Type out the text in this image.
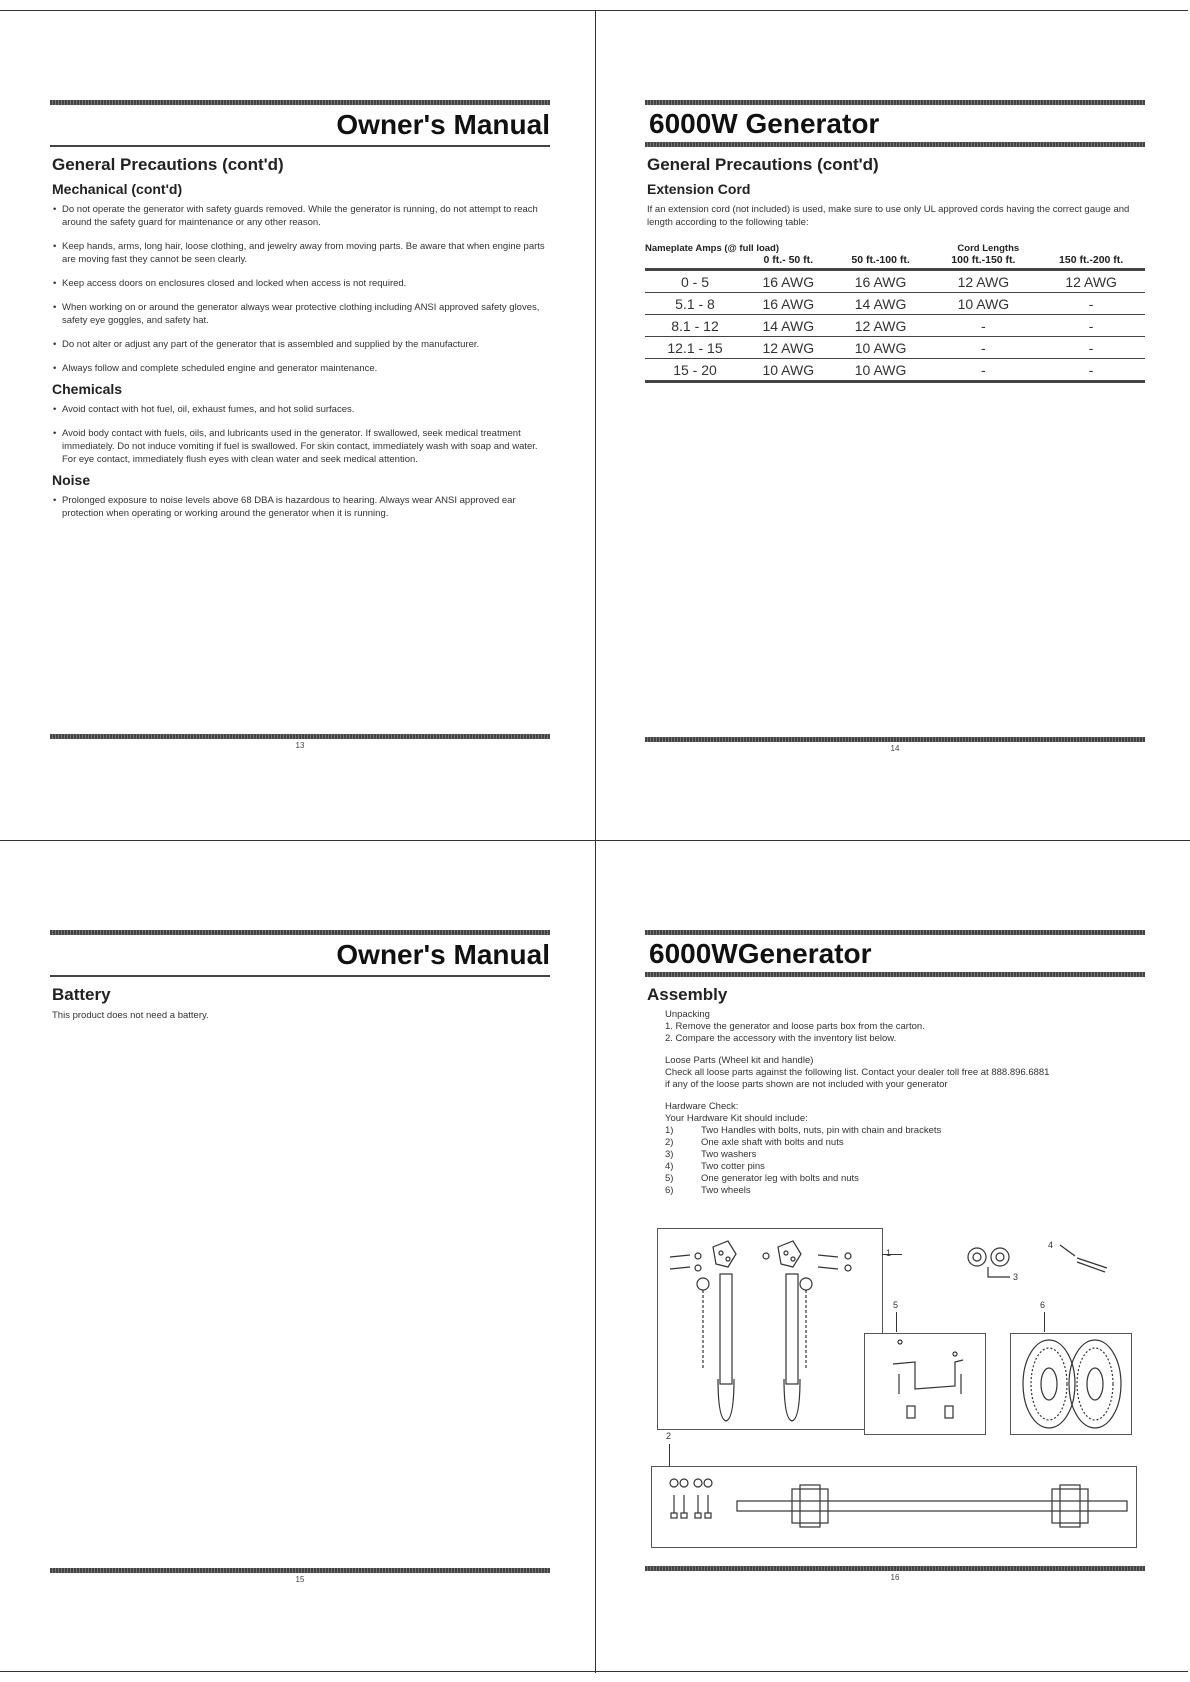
Owner's Manual
General Precautions (cont'd)
Mechanical (cont'd)
• Do not operate the generator with safety guards removed. While the generator is running, do not attempt to reach around the safety guard for maintenance or any other reason.
• Keep hands, arms, long hair, loose clothing, and jewelry away from moving parts. Be aware that when engine parts are moving fast they cannot be seen clearly.
• Keep access doors on enclosures closed and locked when access is not required.
• When working on or around the generator always wear protective clothing including ANSI approved safety gloves, safety eye goggles, and safety hat.
• Do not alter or adjust any part of the generator that is assembled and supplied by the manufacturer.
• Always follow and complete scheduled engine and generator maintenance.
Chemicals
• Avoid contact with hot fuel, oil, exhaust fumes, and hot solid surfaces.
• Avoid body contact with fuels, oils, and lubricants used in the generator. If swallowed, seek medical treatment immediately. Do not induce vomiting if fuel is swallowed. For skin contact, immediately wash with soap and water. For eye contact, immediately flush eyes with clean water and seek medical attention.
Noise
• Prolonged exposure to noise levels above 68 DBA is hazardous to hearing. Always wear ANSI approved ear protection when operating or working around the generator when it is running.
13
6000W Generator
General Precautions (cont'd)
Extension Cord
If an extension cord (not included) is used, make sure to use only UL approved cords having the correct gauge and length according to the following table:
Nameplate Amps (@ full load)		Cord Lengths		
	0 ft.- 50 ft.	50 ft.-100 ft.	100 ft.-150 ft.	150 ft.-200 ft.
0 - 5	16 AWG	16 AWG	12 AWG	12 AWG
5.1 - 8	16 AWG	14 AWG	10 AWG	-
8.1 - 12	14 AWG	12 AWG	-	-
12.1 - 15	12 AWG	10 AWG	-	-
15 - 20	10 AWG	10 AWG	-	-
14
Owner's Manual
Battery
This product does not need a battery.
15
6000WGenerator
Assembly
Unpacking
1. Remove the generator and loose parts box from the carton.
2. Compare the accessory with the inventory list below.
Loose Parts (Wheel kit and handle)
Check all loose parts against the following list. Contact your dealer toll free at 888.896.6881
if any of the loose parts shown are not included with your generator
Hardware Check:
Your Hardware Kit should include:
1)	Two Handles with bolts, nuts, pin with chain and brackets
2)	One axle shaft with bolts and nuts
3)	Two washers
4)	Two cotter pins
5)	One generator leg with bolts and nuts
6)	Two wheels
1
3
4
5	6
2
16
